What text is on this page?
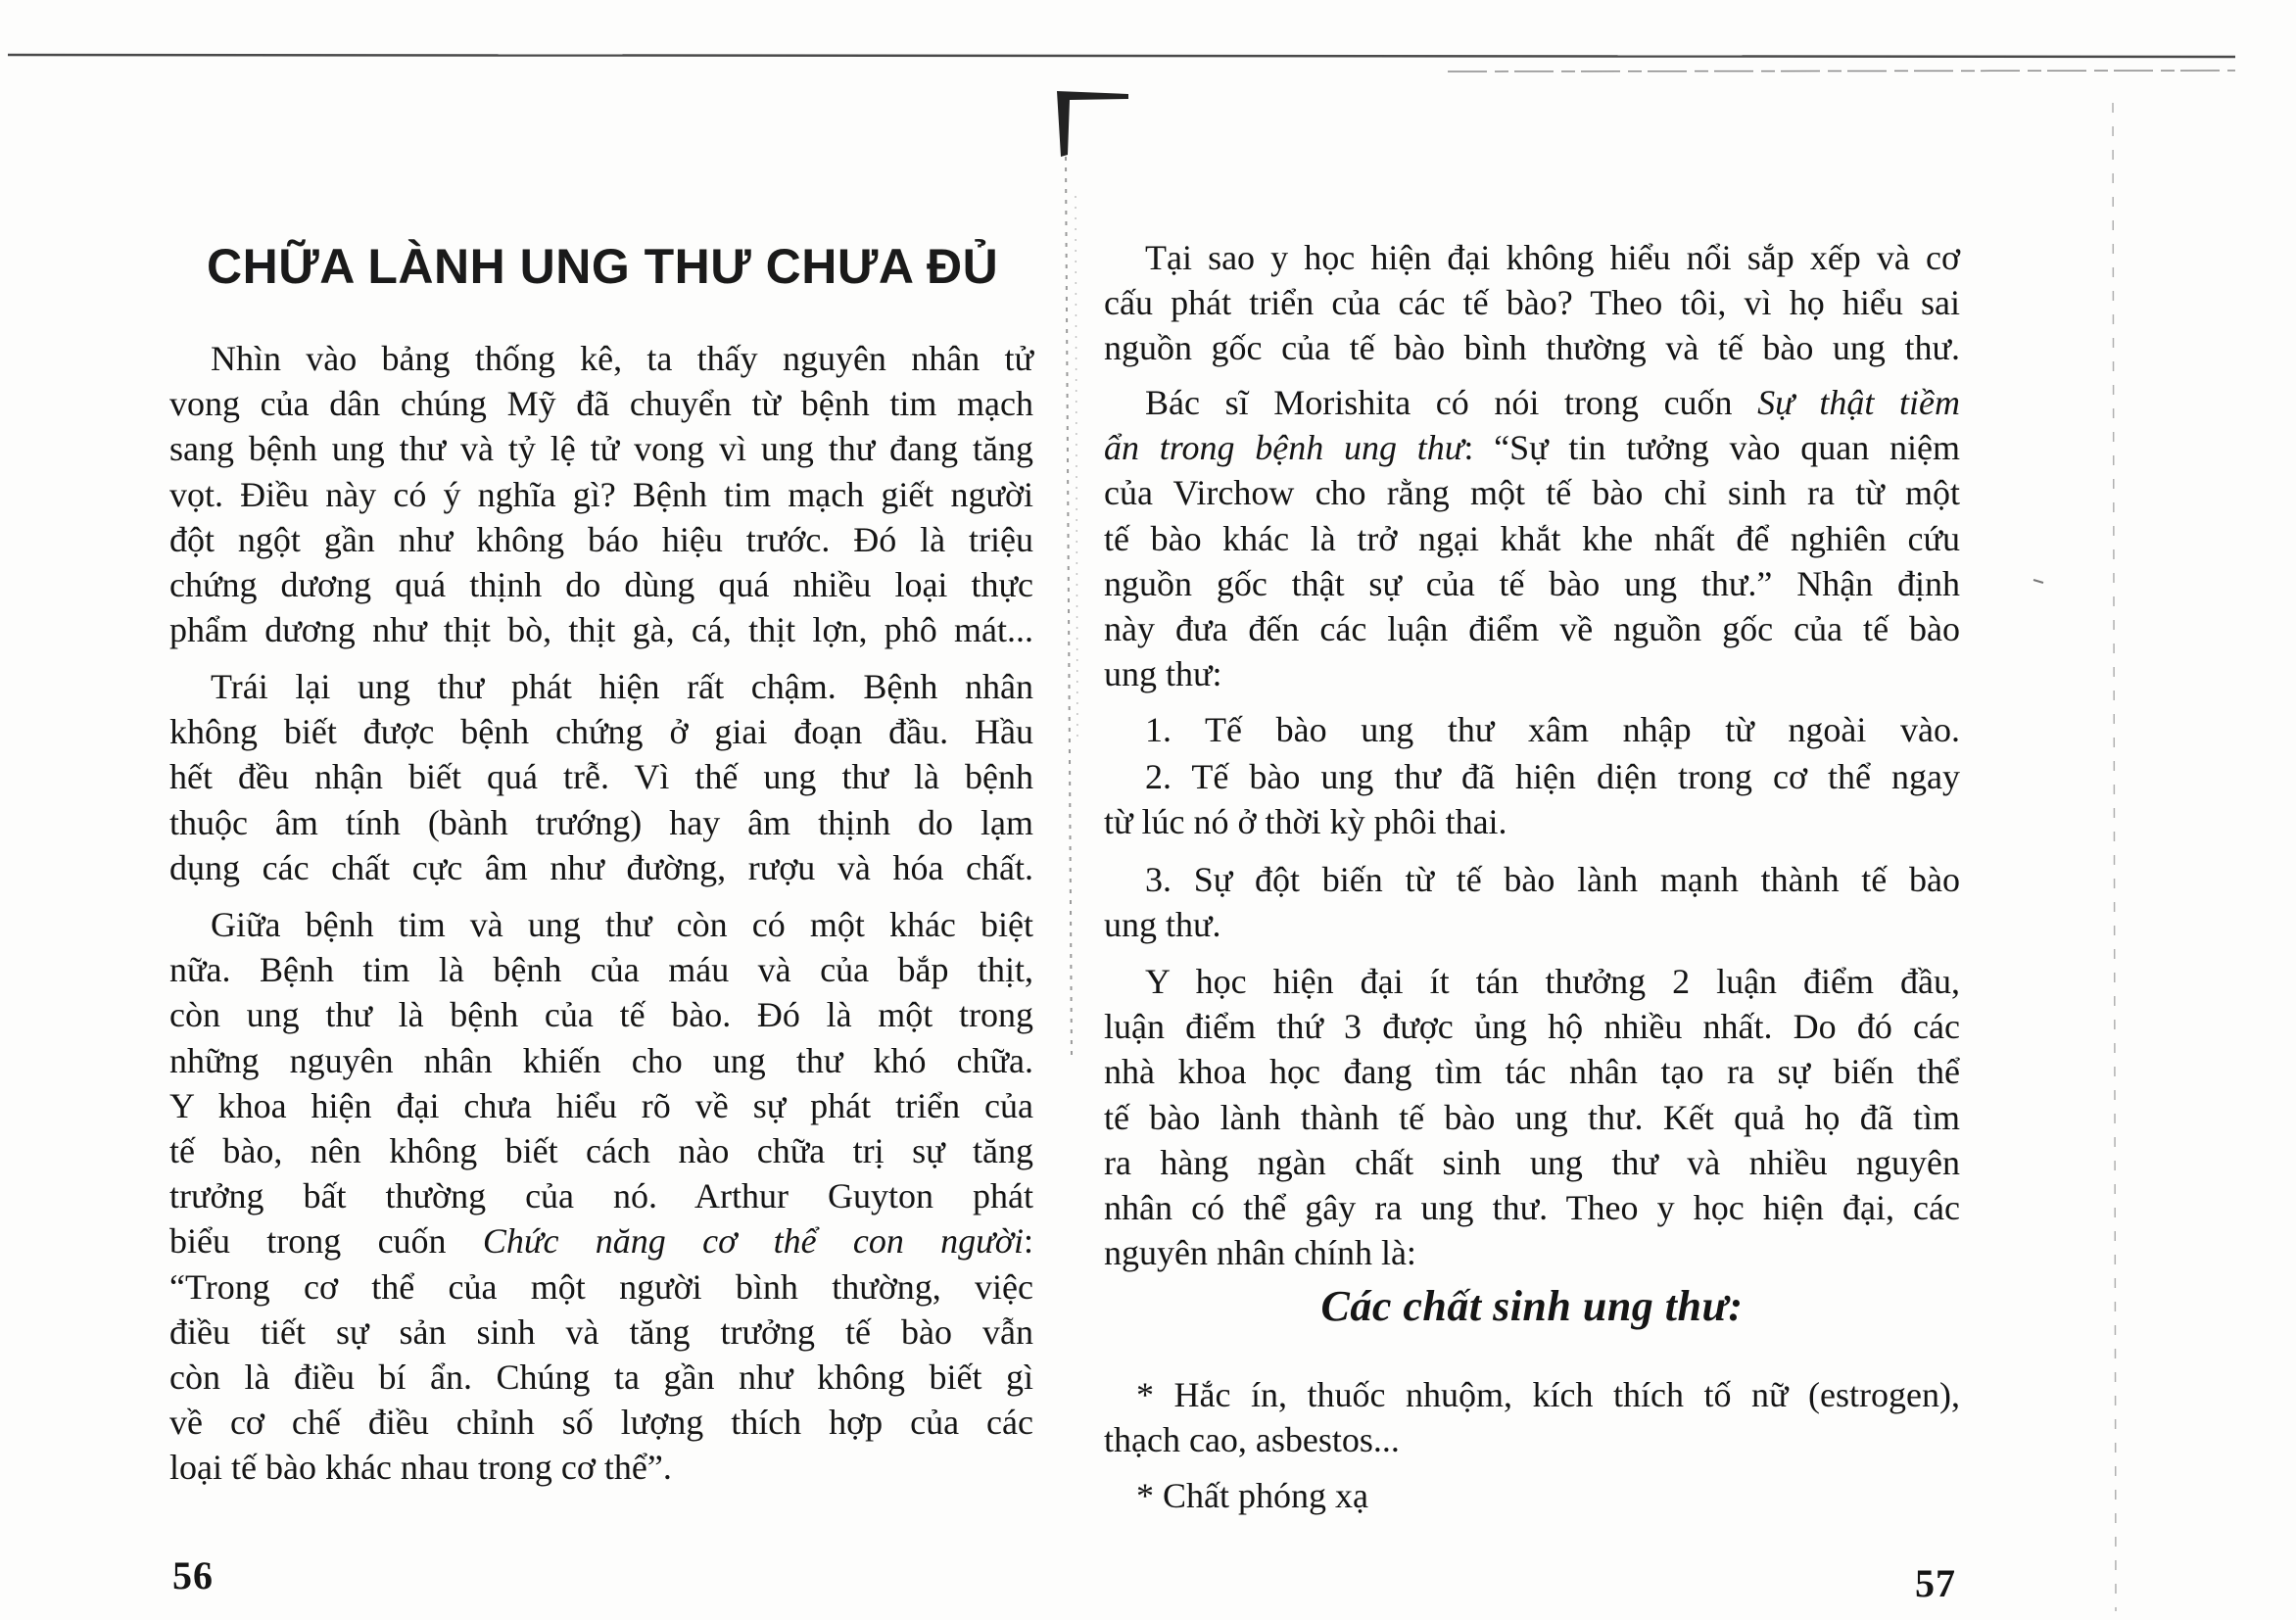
CHỮA LÀNH UNG THƯ CHƯA ĐỦ
Nhìn vào bảng thống kê, ta thấy nguyên nhân tử
vong của dân chúng Mỹ đã chuyển từ bệnh tim mạch
sang bệnh ung thư và tỷ lệ tử vong vì ung thư đang tăng
vọt. Điều này có ý nghĩa gì? Bệnh tim mạch giết người
đột ngột gần như không báo hiệu trước. Đó là triệu
chứng dương quá thịnh do dùng quá nhiều loại thực
phẩm dương như thịt bò, thịt gà, cá, thịt lợn, phô mát...
Trái lại ung thư phát hiện rất chậm. Bệnh nhân
không biết được bệnh chứng ở giai đoạn đầu. Hầu
hết đều nhận biết quá trễ. Vì thế ung thư là bệnh
thuộc âm tính (bành trướng) hay âm thịnh do lạm
dụng các chất cực âm như đường, rượu và hóa chất.
Giữa bệnh tim và ung thư còn có một khác biệt
nữa. Bệnh tim là bệnh của máu và của bắp thịt,
còn ung thư là bệnh của tế bào. Đó là một trong
những nguyên nhân khiến cho ung thư khó chữa.
Y khoa hiện đại chưa hiểu rõ về sự phát triển của
tế bào, nên không biết cách nào chữa trị sự tăng
trưởng bất thường của nó. Arthur Guyton phát
biểu trong cuốn Chức năng cơ thể con người:
“Trong cơ thể của một người bình thường, việc
điều tiết sự sản sinh và tăng trưởng tế bào vẫn
còn là điều bí ẩn. Chúng ta gần như không biết gì
về cơ chế điều chỉnh số lượng thích hợp của các
loại tế bào khác nhau trong cơ thể”.
56
Tại sao y học hiện đại không hiểu nổi sắp xếp và cơ
cấu phát triển của các tế bào? Theo tôi, vì họ hiểu sai
nguồn gốc của tế bào bình thường và tế bào ung thư.
Bác sĩ Morishita có nói trong cuốn Sự thật tiềm
ẩn trong bệnh ung thư: “Sự tin tưởng vào quan niệm
của Virchow cho rằng một tế bào chỉ sinh ra từ một
tế bào khác là trở ngại khắt khe nhất để nghiên cứu
nguồn gốc thật sự của tế bào ung thư.” Nhận định
này đưa đến các luận điểm về nguồn gốc của tế bào
ung thư:
1. Tế bào ung thư xâm nhập từ ngoài vào.
2. Tế bào ung thư đã hiện diện trong cơ thể ngay
từ lúc nó ở thời kỳ phôi thai.
3. Sự đột biến từ tế bào lành mạnh thành tế bào
ung thư.
Y học hiện đại ít tán thưởng 2 luận điểm đầu,
luận điểm thứ 3 được ủng hộ nhiều nhất. Do đó các
nhà khoa học đang tìm tác nhân tạo ra sự biến thể
tế bào lành thành tế bào ung thư. Kết quả họ đã tìm
ra hàng ngàn chất sinh ung thư và nhiều nguyên
nhân có thể gây ra ung thư. Theo y học hiện đại, các
nguyên nhân chính là:
Các chất sinh ung thư:
* Hắc ín, thuốc nhuộm, kích thích tố nữ (estrogen),
thạch cao, asbestos...
* Chất phóng xạ
57
